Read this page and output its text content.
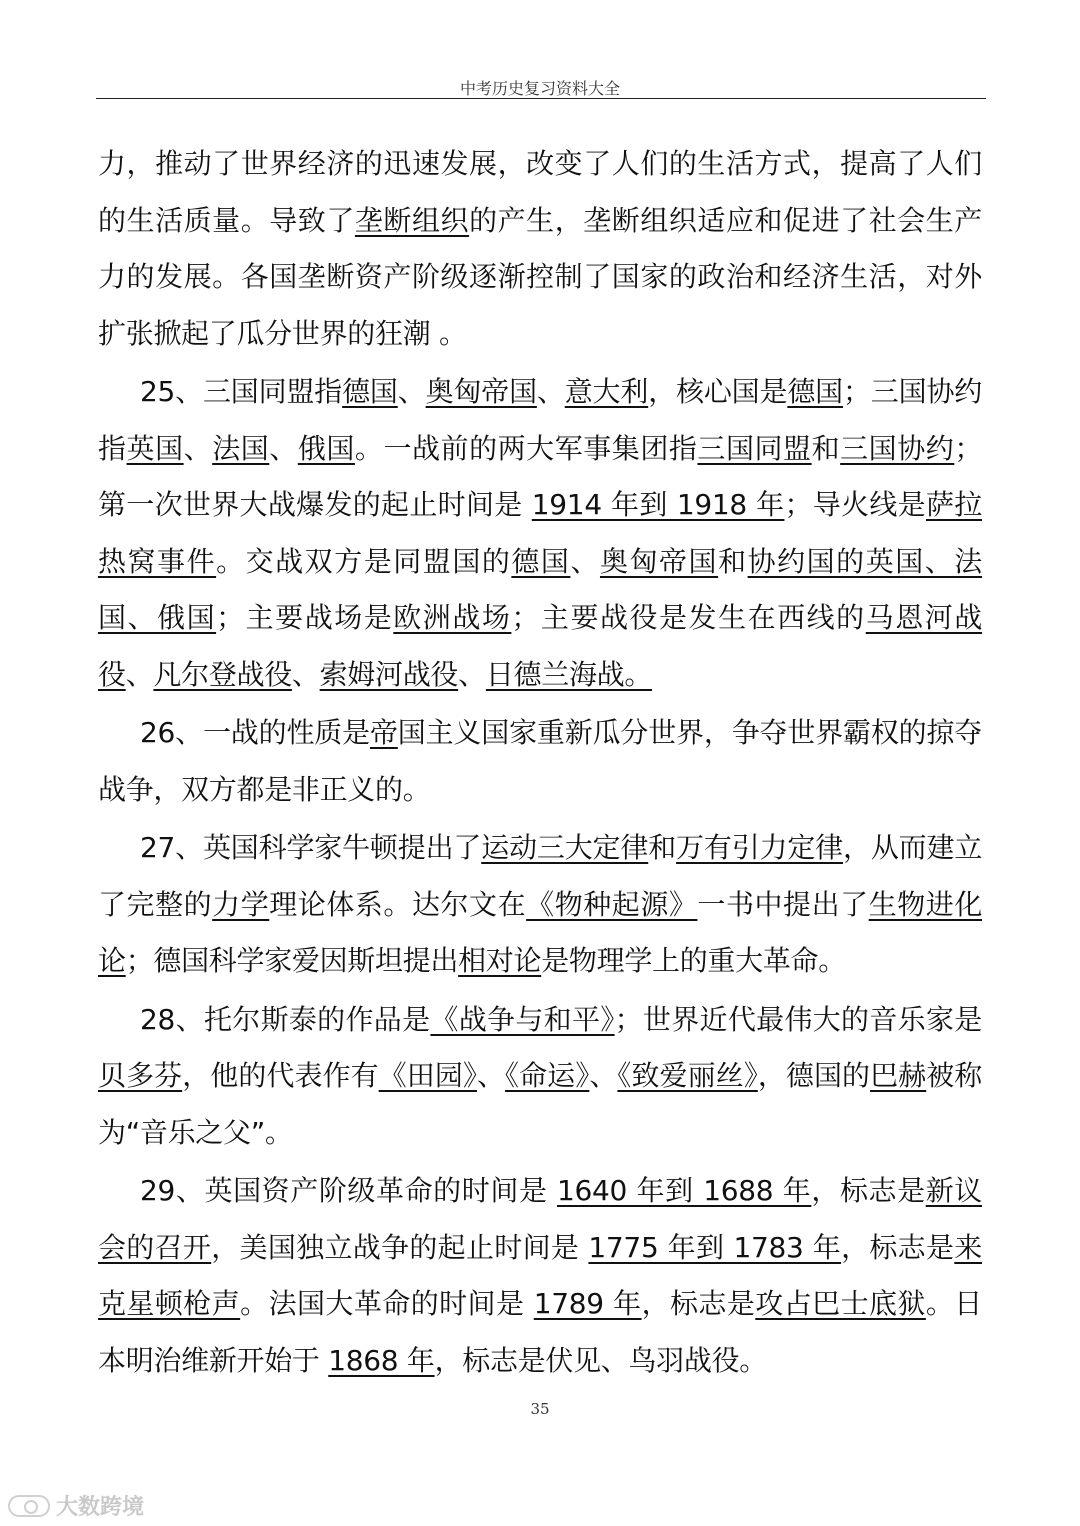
中考历史复习资料大全

力，推动了世界经济的迅速发展，改变了人们的生活方式，提高了人们的生活质量。导致了垄断组织的产生，垄断组织适应和促进了社会生产力的发展。各国垄断资产阶级逐渐控制了国家的政治和经济生活，对外扩张掀起了瓜分世界的狂潮 。

25、三国同盟指德国、奥匈帝国、意大利，核心国是德国；三国协约指英国、法国、俄国。一战前的两大军事集团指三国同盟和三国协约；第一次世界大战爆发的起止时间是 1914 年到 1918 年；导火线是萨拉热窝事件。交战双方是同盟国的德国、奥匈帝国和协约国的英国、法国、俄国；主要战场是欧洲战场；主要战役是发生在西线的马恩河战役、凡尔登战役、索姆河战役、日德兰海战。

26、一战的性质是帝国主义国家重新瓜分世界，争夺世界霸权的掠夺战争，双方都是非正义的。

27、英国科学家牛顿提出了运动三大定律和万有引力定律，从而建立了完整的力学理论体系。达尔文在《物种起源》一书中提出了生物进化论；德国科学家爱因斯坦提出相对论是物理学上的重大革命。

28、托尔斯泰的作品是《战争与和平》；世界近代最伟大的音乐家是贝多芬，他的代表作有《田园》、《命运》、《致爱丽丝》，德国的巴赫被称为“音乐之父”。

29、英国资产阶级革命的时间是 1640 年到 1688 年，标志是新议会的召开，美国独立战争的起止时间是 1775 年到 1783 年，标志是来克星顿枪声。法国大革命的时间是 1789 年，标志是攻占巴士底狱。日本明治维新开始于 1868 年，标志是伏见、鸟羽战役。

35
大数跨境
